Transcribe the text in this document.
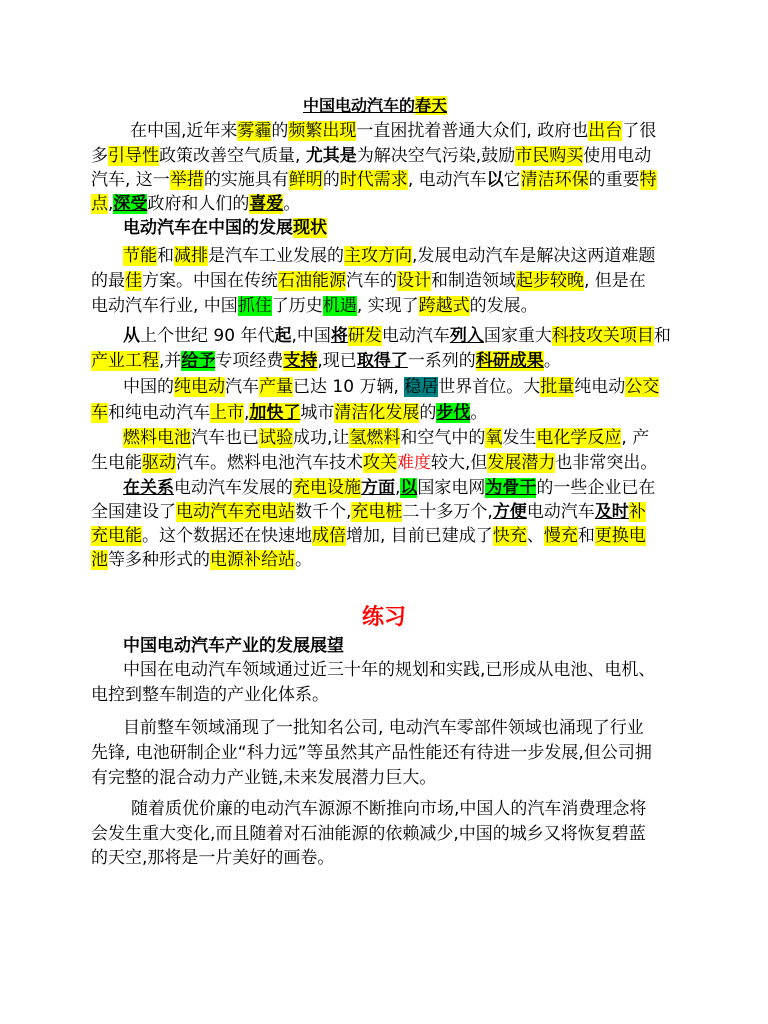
中国电动汽车的春天
在中国,近年来雾霾的频繁出现一直困扰着普通大众们, 政府也出台了很
多引导性政策改善空气质量, 尤其是为解决空气污染,鼓励市民购买使用电动
汽车, 这一举措的实施具有鲜明的时代需求, 电动汽车以它清洁环保的重要特
点,深受政府和人们的喜爱。
电动汽车在中国的发展现状
节能和减排是汽车工业发展的主攻方向,发展电动汽车是解决这两道难题
的最佳方案。中国在传统石油能源汽车的设计和制造领域起步较晚, 但是在
电动汽车行业, 中国抓住了历史机遇, 实现了跨越式的发展。
从上个世纪 90 年代起,中国将研发电动汽车列入国家重大科技攻关项目和
产业工程,并给予专项经费支持,现已取得了一系列的科研成果。
中国的纯电动汽车产量已达 10 万辆, 稳居世界首位。大批量纯电动公交
车和纯电动汽车上市,加快了城市清洁化发展的步伐。
燃料电池汽车也已试验成功,让氢燃料和空气中的氧发生电化学反应, 产
生电能驱动汽车。燃料电池汽车技术攻关难度较大,但发展潜力也非常突出。
在关系电动汽车发展的充电设施方面,以国家电网为骨干的一些企业已在
全国建设了电动汽车充电站数千个,充电桩二十多万个,方便电动汽车及时补
充电能。这个数据还在快速地成倍增加, 目前已建成了快充、慢充和更换电
池等多种形式的电源补给站。
练习
中国电动汽车产业的发展展望
中国在电动汽车领域通过近三十年的规划和实践,已形成从电池、电机、
电控到整车制造的产业化体系。
目前整车领域涌现了一批知名公司, 电动汽车零部件领域也涌现了行业
先锋, 电池研制企业“科力远”等虽然其产品性能还有待进一步发展,但公司拥
有完整的混合动力产业链,未来发展潜力巨大。
随着质优价廉的电动汽车源源不断推向市场,中国人的汽车消费理念将
会发生重大变化,而且随着对石油能源的依赖减少,中国的城乡又将恢复碧蓝
的天空,那将是一片美好的画卷。
